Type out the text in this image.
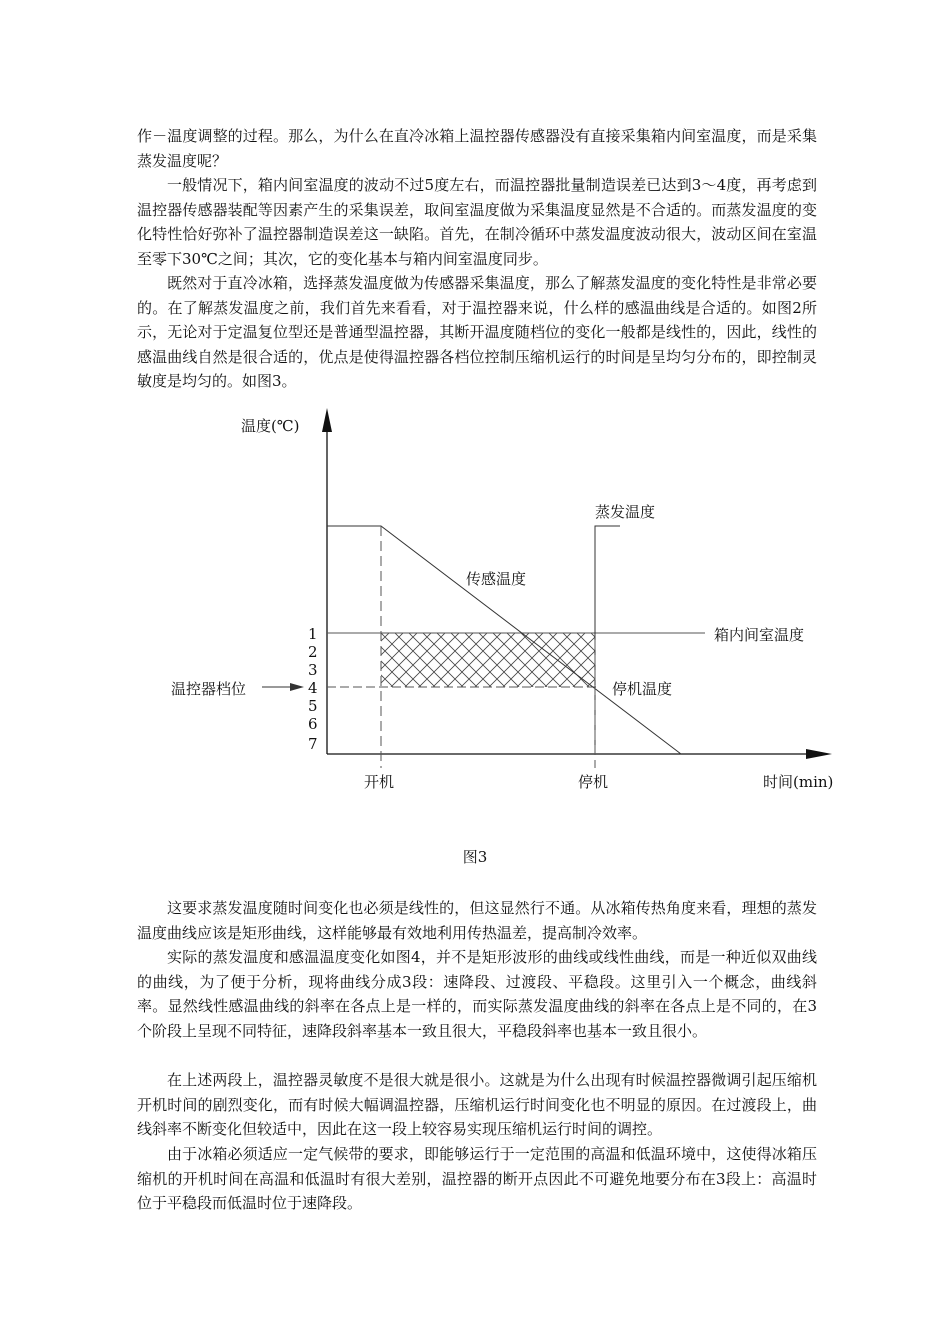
作－温度调整的过程。那么，为什么在直冷冰箱上温控器传感器没有直接采集箱内间室温度，而是采集蒸发温度呢？

一般情况下，箱内间室温度的波动不过5度左右，而温控器批量制造误差已达到3～4度，再考虑到温控器传感器装配等因素产生的采集误差，取间室温度做为采集温度显然是不合适的。而蒸发温度的变化特性恰好弥补了温控器制造误差这一缺陷。首先，在制冷循环中蒸发温度波动很大，波动区间在室温至零下30℃之间；其次，它的变化基本与箱内间室温度同步。

既然对于直冷冰箱，选择蒸发温度做为传感器采集温度，那么了解蒸发温度的变化特性是非常必要的。在了解蒸发温度之前，我们首先来看看，对于温控器来说，什么样的感温曲线是合适的。如图2所示，无论对于定温复位型还是普通型温控器，其断开温度随档位的变化一般都是线性的，因此，线性的感温曲线自然是很合适的，优点是使得温控器各档位控制压缩机运行的时间是呈均匀分布的，即控制灵敏度是均匀的。如图3。

温度(℃)
蒸发温度
传感温度
箱内间室温度
停机温度
温控器档位
1
2
3
4
5
6
7
开机	停机	时间(min)

图3

这要求蒸发温度随时间变化也必须是线性的，但这显然行不通。从冰箱传热角度来看，理想的蒸发温度曲线应该是矩形曲线，这样能够最有效地利用传热温差，提高制冷效率。

实际的蒸发温度和感温温度变化如图4，并不是矩形波形的曲线或线性曲线，而是一种近似双曲线的曲线，为了便于分析，现将曲线分成3段：速降段、过渡段、平稳段。这里引入一个概念，曲线斜率。显然线性感温曲线的斜率在各点上是一样的，而实际蒸发温度曲线的斜率在各点上是不同的，在3个阶段上呈现不同特征，速降段斜率基本一致且很大，平稳段斜率也基本一致且很小。

在上述两段上，温控器灵敏度不是很大就是很小。这就是为什么出现有时候温控器微调引起压缩机开机时间的剧烈变化，而有时候大幅调温控器，压缩机运行时间变化也不明显的原因。在过渡段上，曲线斜率不断变化但较适中，因此在这一段上较容易实现压缩机运行时间的调控。

由于冰箱必须适应一定气候带的要求，即能够运行于一定范围的高温和低温环境中，这使得冰箱压缩机的开机时间在高温和低温时有很大差别，温控器的断开点因此不可避免地要分布在3段上：高温时位于平稳段而低温时位于速降段。
